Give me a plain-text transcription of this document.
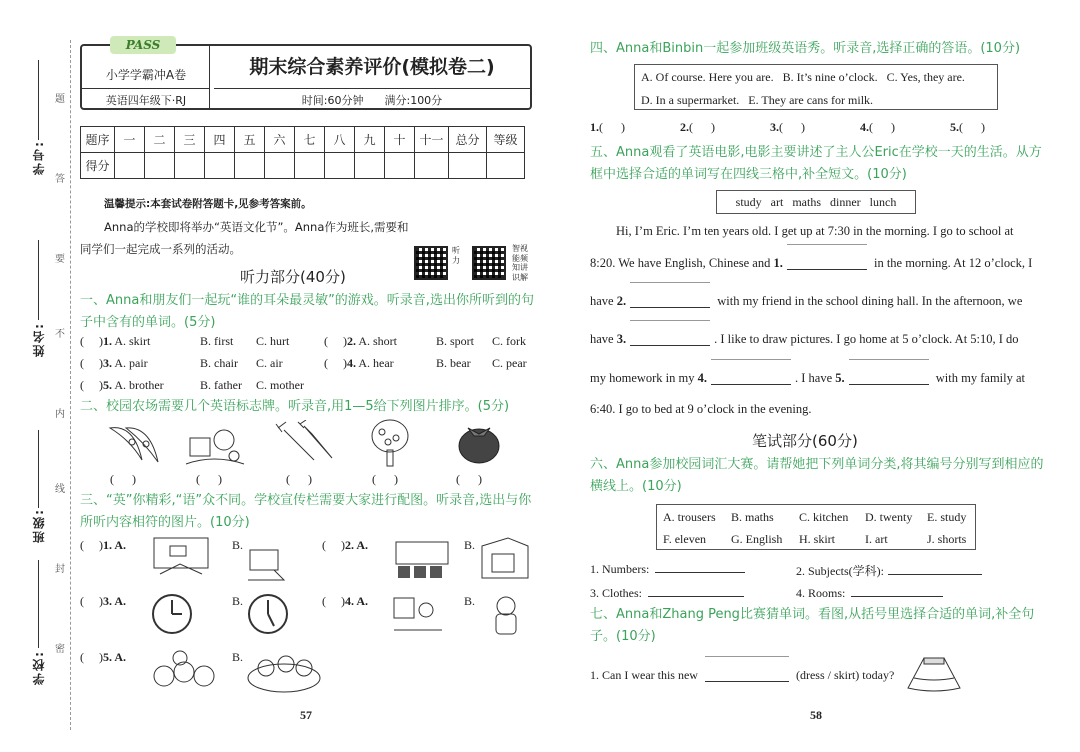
学号:
姓名:
班级:
学校:
题
答
要
不
内
线
封
密
PASS
小学学霸冲A卷
英语四年级下·RJ
期末综合素养评价(模拟卷二)
时间:60分钟 满分:100分
题序	一	二	三	四	五	六	七	八	九	十	十一	总分	等级
得分													
温馨提示:本套试卷附答题卡,见参考答案前。
Anna的学校即将举办“英语文化节”。Anna作为班长,需要和同学们一起完成一系列的活动。	听力
智视能频知讲识解
听力部分(40分)
一、Anna和朋友们一起玩“谁的耳朵最灵敏”的游戏。听录音,选出你所听到的句子中含有的单词。(5分)
(     )1. A. skirt	B. first C. hurt	(     )2. A. short	B. sport C. fork
(     )3. A. pair	B. chair C. air	(     )4. A. hear	B. bear C. pear
(     )5. A. brother	B. father C. mother
二、校园农场需要几个英语标志牌。听录音,用1—5给下列图片排序。(5分)
(      )	(      )	(      )	(      )	(      )
三、“英”你精彩,“语”众不同。学校宣传栏需要大家进行配图。听录音,选出与你所听内容相符的图片。(10分)
(     )1. A.	B.	(     )2. A.	B.
(     )3. A.	B.	(     )4. A.	B.
(     )5. A.	B.
57
四、Anna和Binbin一起参加班级英语秀。听录音,选择正确的答语。(10分)
A. Of course. Here you are.   B. It’s nine o’clock.   C. Yes, they are.
D. In a supermarket.   E. They are cans for milk.
1.(      )	2.(      )	3.(      )	4.(      )	5.(      )
五、Anna观看了英语电影,电影主要讲述了主人公Eric在学校一天的生活。从方框中选择合适的单词写在四线三格中,补全短文。(10分)
study   art   maths   dinner   lunch
Hi, I’m Eric. I’m ten years old. I get up at 7:30 in the morning. I go to school at
8:20. We have English, Chinese and 1.	in the morning. At 12 o’clock, I
have 2.	with my friend in the school dining hall. In the afternoon, we
have 3.	. I like to draw pictures. I go home at 5 o’clock. At 5:10, I do
my homework in my 4.	. I have 5.	with my family at
6:40. I go to bed at 9 o’clock in the evening.
笔试部分(60分)
六、Anna参加校园词汇大赛。请帮她把下列单词分类,将其编号分别写到相应的横线上。(10分)
A. trousers B. maths C. kitchen D. twenty E. study
F. eleven G. English H. skirt	I. art	J. shorts
1. Numbers:	2. Subjects(学科):
3. Clothes:	4. Rooms:
七、Anna和Zhang Peng比赛猜单词。看图,从括号里选择合适的单词,补全句子。(10分)
1. Can I wear this new	(dress / skirt) today?
58
